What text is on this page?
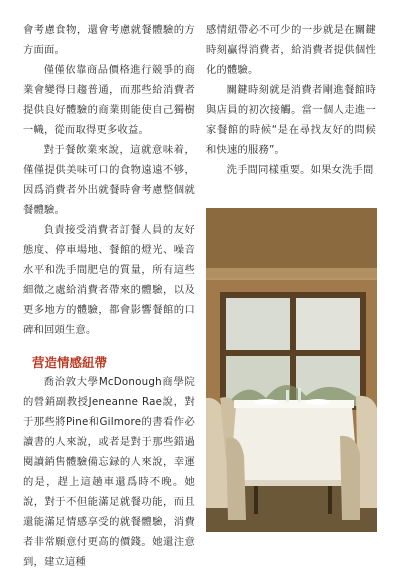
會考慮食物，還會考慮就餐體驗的方方面面。

僅僅依靠商品價格進行競爭的商業會變得日趨普通，而那些給消費者提供良好體驗的商業則能使自己獨樹一幟，從而取得更多收益。

對于餐飲業來說，這就意味着，僅僅提供美味可口的食物遠遠不够，因爲消費者外出就餐時會考慮整個就餐體驗。

負責接受消費者訂餐人員的友好態度、停車場地、餐館的燈光、噪音水平和洗手間肥皂的質量，所有這些細微之處給消費者帶來的體驗，以及更多地方的體驗，都會影響餐館的口碑和回頭生意。

营造情感紐帶

喬治敦大學McDonough商學院的營銷副教授Jeneanne Rae說，對于那些將Pine和Gilmore的書看作必讀書的人來說，或者是對于那些錯過閱讀銷售體驗備忘録的人來說，幸運的是，趕上這趟車還爲時不晚。她說，對于不但能滿足就餐功能，而且還能滿足情感享受的就餐體驗，消費者非常願意付更高的價錢。她還注意到，建立這種

感情紐帶必不可少的一步就是在關鍵時刻贏得消費者，給消費者提供個性化的體驗。

關鍵時刻就是消費者剛進餐館時與店員的初次接觸。當一個人走進一家餐館的時候“是在尋找友好的問候和快速的服務”。

洗手間同樣重要。如果女洗手間
